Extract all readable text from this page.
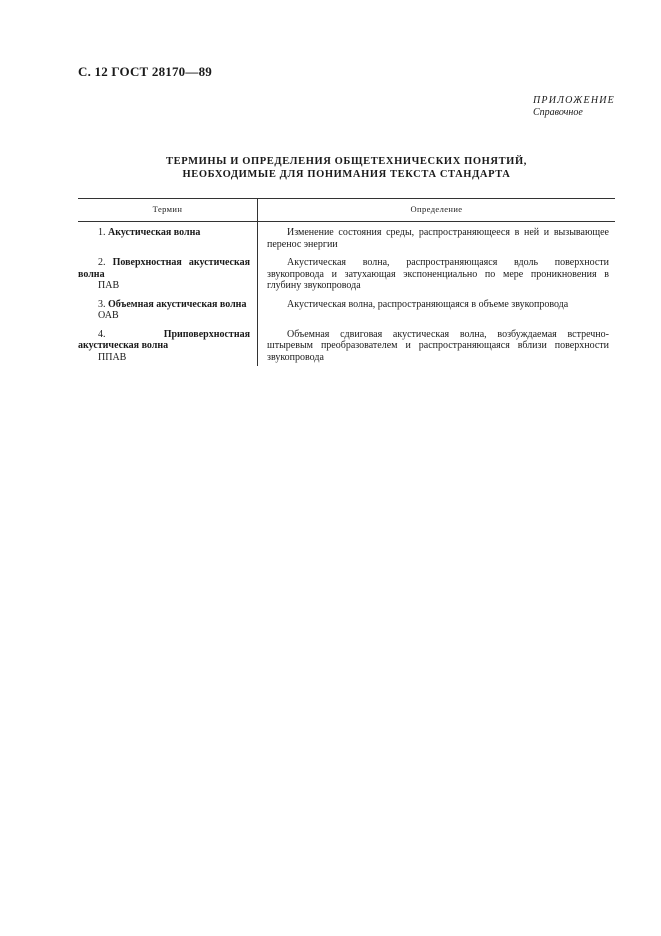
С. 12 ГОСТ 28170—89
ПРИЛОЖЕНИЕ
Справочное
ТЕРМИНЫ И ОПРЕДЕЛЕНИЯ ОБЩЕТЕХНИЧЕСКИХ ПОНЯТИЙ,
НЕОБХОДИМЫЕ ДЛЯ ПОНИМАНИЯ ТЕКСТА СТАНДАРТА
Термин	Определение

1. Акустическая волна	Изменение состояния среды, распространяющееся в ней и вызывающее перенос энергии

2. Поверхностная акустическая волна
ПАВ	Акустическая волна, распространяющаяся вдоль поверхности звукопровода и затухающая экспоненциально по мере проникновения в глубину звукопровода

3. Объемная акустическая волна
ОАВ	Акустическая волна, распространяющаяся в объеме звукопровода

4. Приповерхностная акустическая волна
ППАВ	Объемная сдвиговая акустическая волна, возбуждаемая встречно-штыревым преобразователем и распространяющаяся вблизи поверхности звукопровода
